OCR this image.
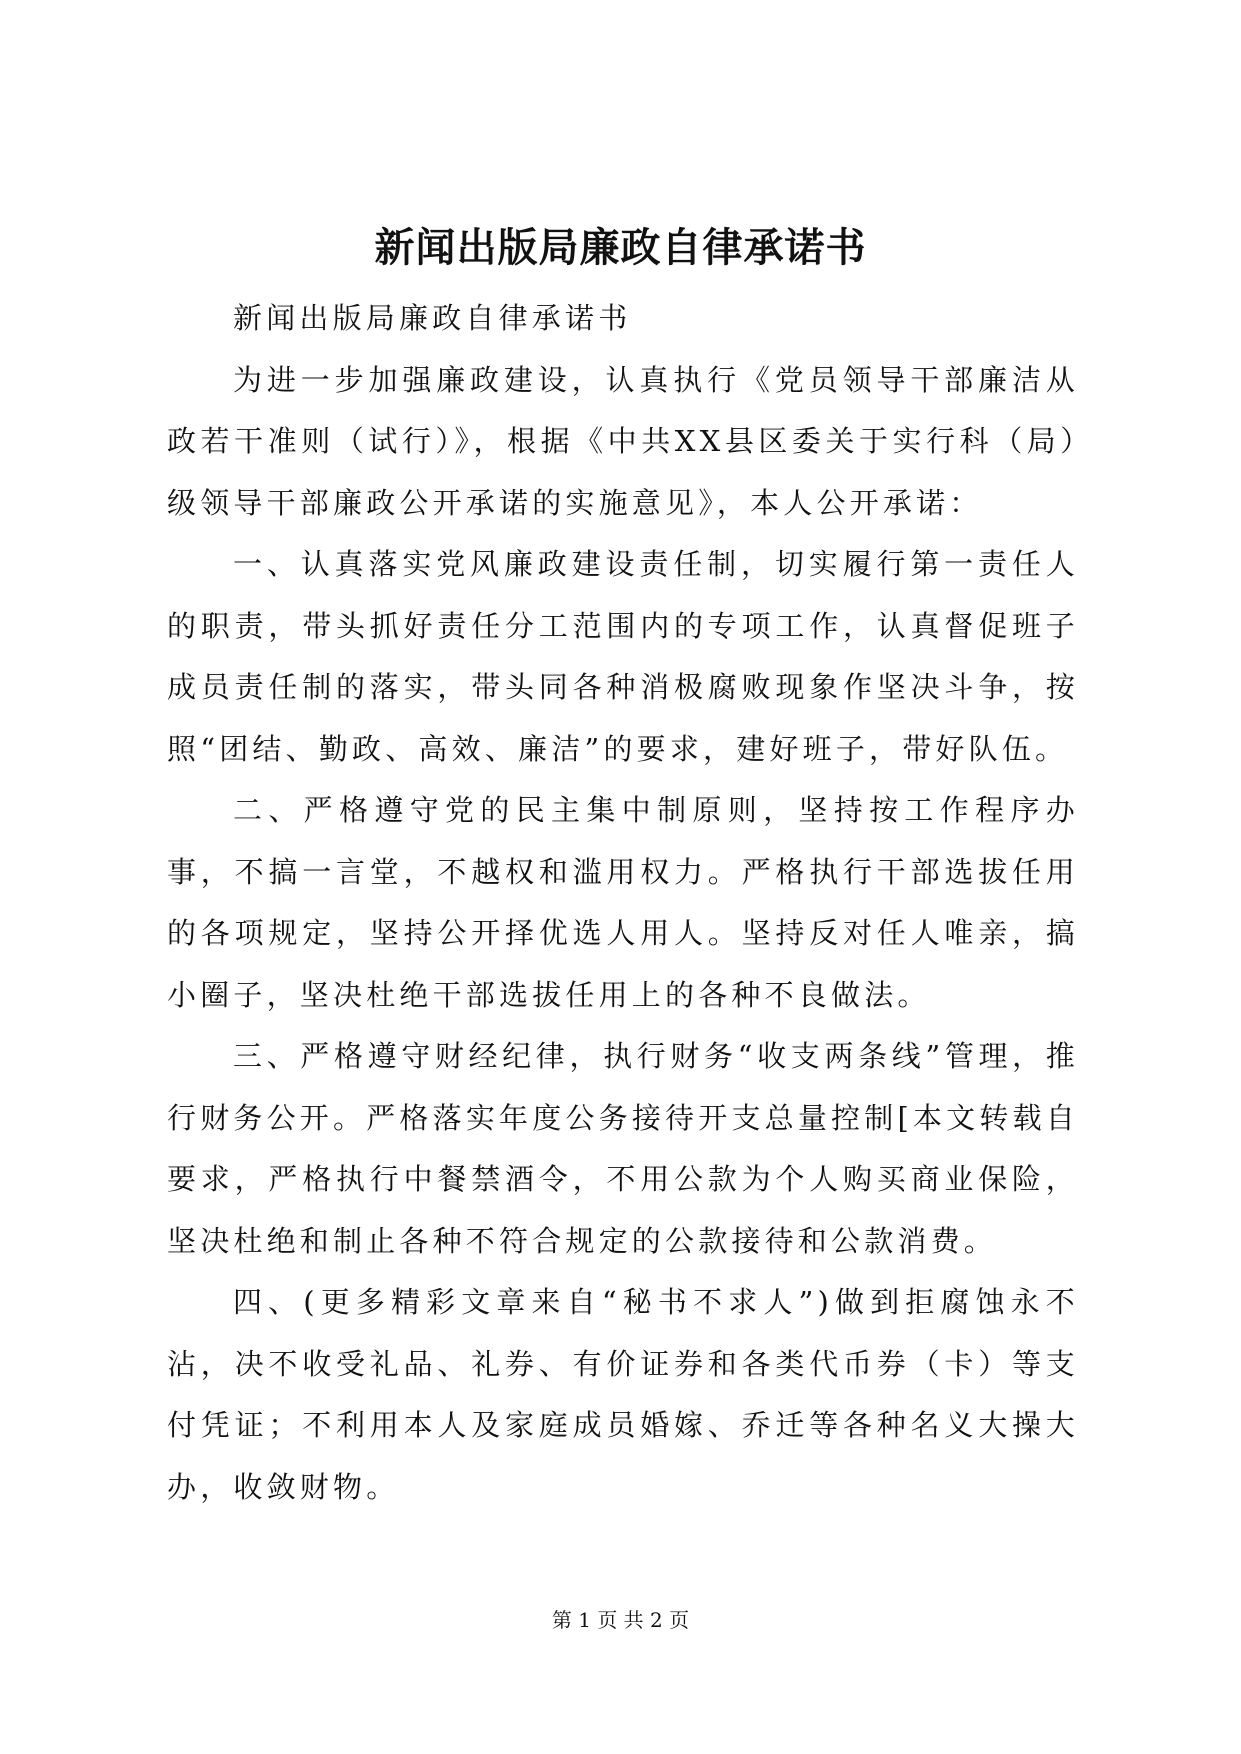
新闻出版局廉政自律承诺书

新闻出版局廉政自律承诺书

为进一步加强廉政建设，认真执行《党员领导干部廉洁从政若干准则（试行）》，根据《中共XX县区委关于实行科（局）级领导干部廉政公开承诺的实施意见》，本人公开承诺：

一、认真落实党风廉政建设责任制，切实履行第一责任人的职责，带头抓好责任分工范围内的专项工作，认真督促班子成员责任制的落实，带头同各种消极腐败现象作坚决斗争，按照“团结、勤政、高效、廉洁”的要求，建好班子，带好队伍。

二、严格遵守党的民主集中制原则，坚持按工作程序办事，不搞一言堂，不越权和滥用权力。严格执行干部选拔任用的各项规定，坚持公开择优选人用人。坚持反对任人唯亲，搞小圈子，坚决杜绝干部选拔任用上的各种不良做法。

三、严格遵守财经纪律，执行财务“收支两条线”管理，推行财务公开。严格落实年度公务接待开支总量控制[本文转载自要求，严格执行中餐禁酒令，不用公款为个人购买商业保险，坚决杜绝和制止各种不符合规定的公款接待和公款消费。

四、(更多精彩文章来自“秘书不求人”)做到拒腐蚀永不沾，决不收受礼品、礼券、有价证券和各类代币券（卡）等支付凭证；不利用本人及家庭成员婚嫁、乔迁等各种名义大操大办，收敛财物。

第 1 页 共 2 页
